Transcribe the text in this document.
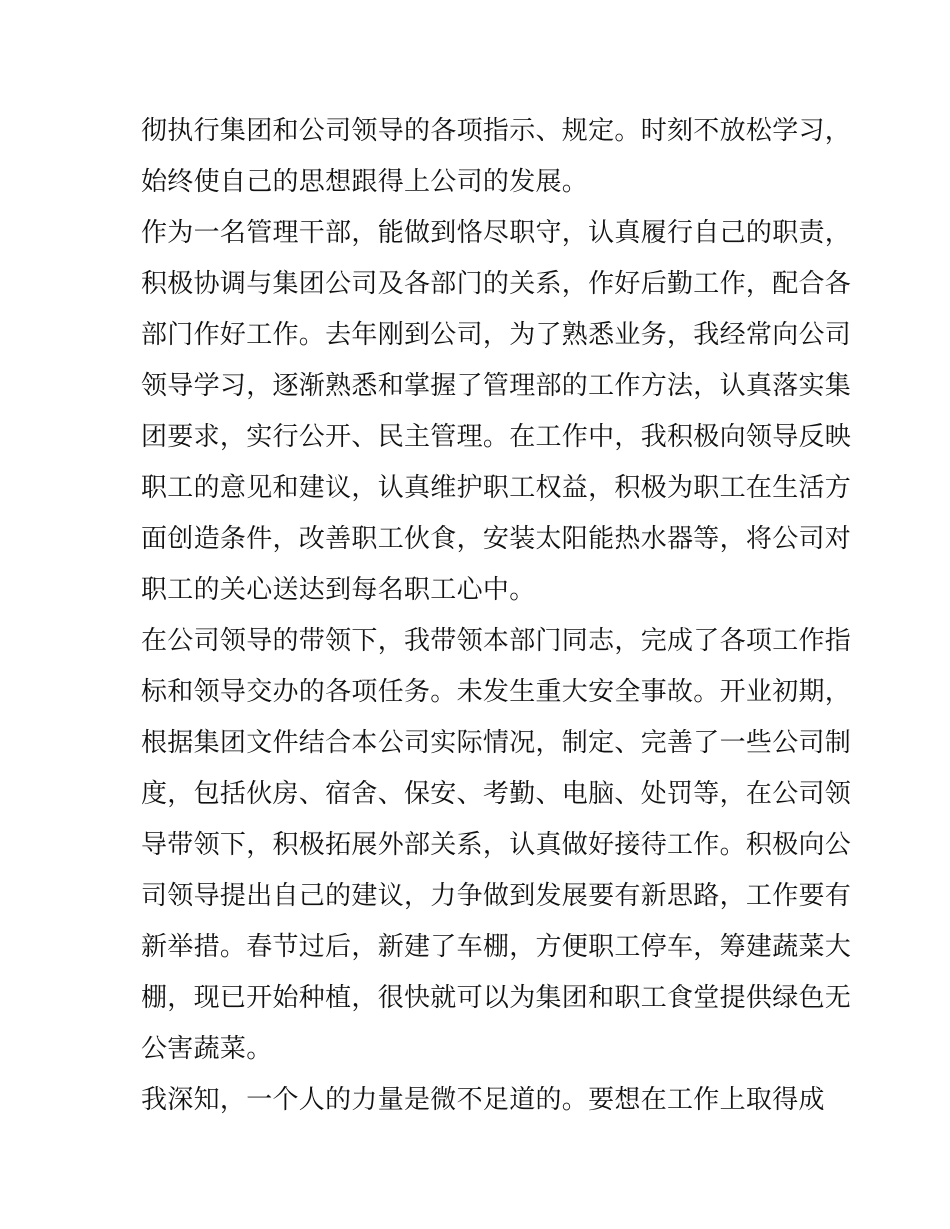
彻执行集团和公司领导的各项指示、规定。时刻不放松学习，
始终使自己的思想跟得上公司的发展。
作为一名管理干部，能做到恪尽职守，认真履行自己的职责，
积极协调与集团公司及各部门的关系，作好后勤工作，配合各
部门作好工作。去年刚到公司，为了熟悉业务，我经常向公司
领导学习，逐渐熟悉和掌握了管理部的工作方法，认真落实集
团要求，实行公开、民主管理。在工作中，我积极向领导反映
职工的意见和建议，认真维护职工权益，积极为职工在生活方
面创造条件，改善职工伙食，安装太阳能热水器等，将公司对
职工的关心送达到每名职工心中。
在公司领导的带领下，我带领本部门同志，完成了各项工作指
标和领导交办的各项任务。未发生重大安全事故。开业初期，
根据集团文件结合本公司实际情况，制定、完善了一些公司制
度，包括伙房、宿舍、保安、考勤、电脑、处罚等，在公司领
导带领下，积极拓展外部关系，认真做好接待工作。积极向公
司领导提出自己的建议，力争做到发展要有新思路，工作要有
新举措。春节过后，新建了车棚，方便职工停车，筹建蔬菜大
棚，现已开始种植，很快就可以为集团和职工食堂提供绿色无
公害蔬菜。
我深知，一个人的力量是微不足道的。要想在工作上取得成
